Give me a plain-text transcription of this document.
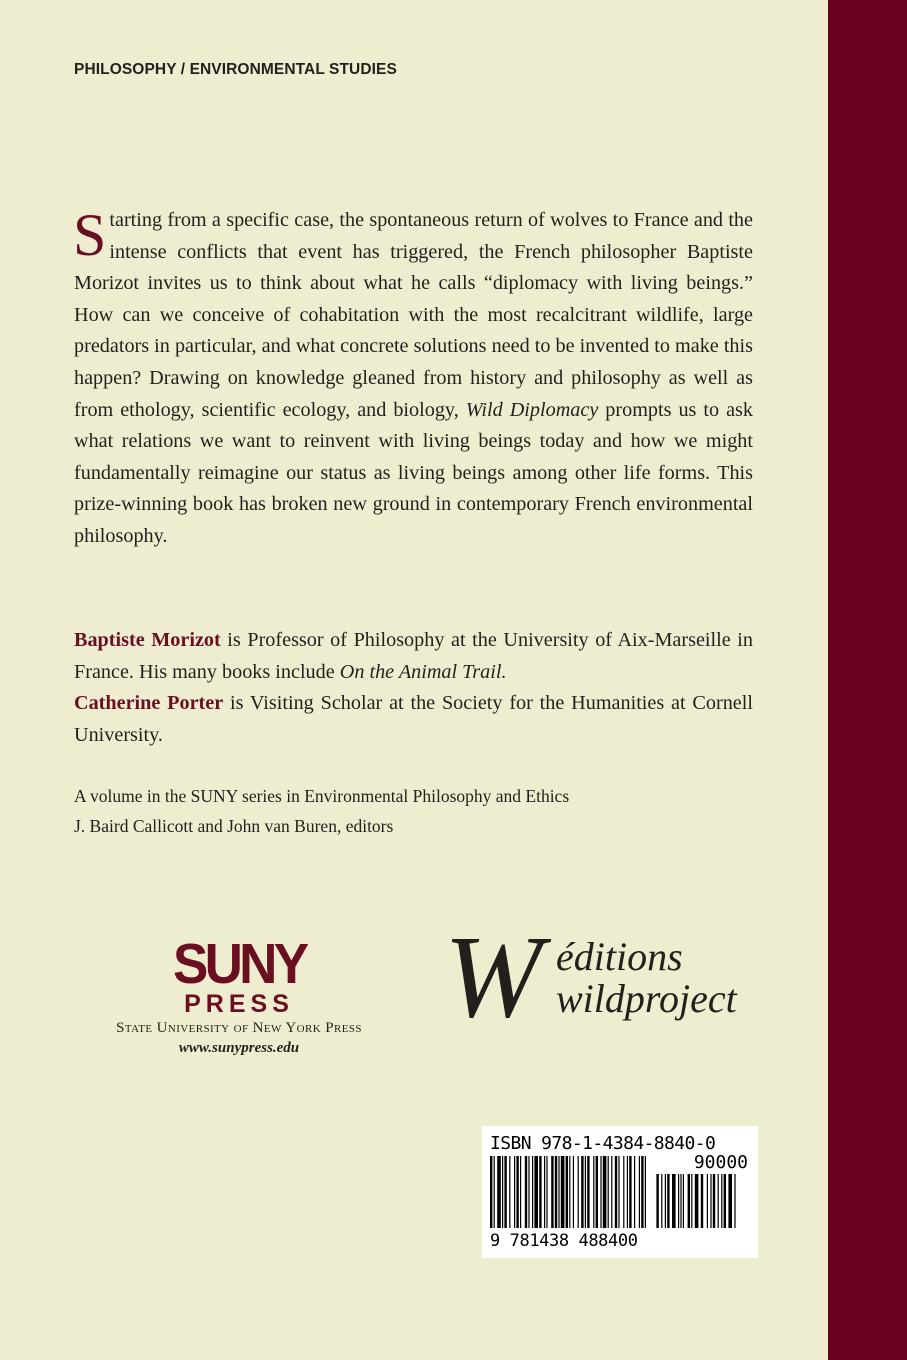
PHILOSOPHY / ENVIRONMENTAL STUDIES

Starting from a specific case, the spontaneous return of wolves to France and the intense conflicts that event has triggered, the French philosopher Baptiste Morizot invites us to think about what he calls “diplomacy with living beings.” How can we conceive of cohabitation with the most recalcitrant wildlife, large predators in particular, and what concrete solutions need to be invented to make this happen? Drawing on knowledge gleaned from history and philosophy as well as from ethology, scientific ecology, and biology, Wild Diplomacy prompts us to ask what relations we want to reinvent with living beings today and how we might fundamentally reimagine our status as living beings among other life forms. This prize-winning book has broken new ground in contemporary French environmental philosophy.

Baptiste Morizot is Professor of Philosophy at the University of Aix-Marseille in France. His many books include On the Animal Trail.
Catherine Porter is Visiting Scholar at the Society for the Humanities at Cornell University.

A volume in the SUNY series in Environmental Philosophy and Ethics

J. Baird Callicott and John van Buren, editors

SUNY
PRESS
State University of New York Press
www.sunypress.edu
W éditions
wildproject
ISBN 978-1-4384-8840-0
90000
9 781438 488400
